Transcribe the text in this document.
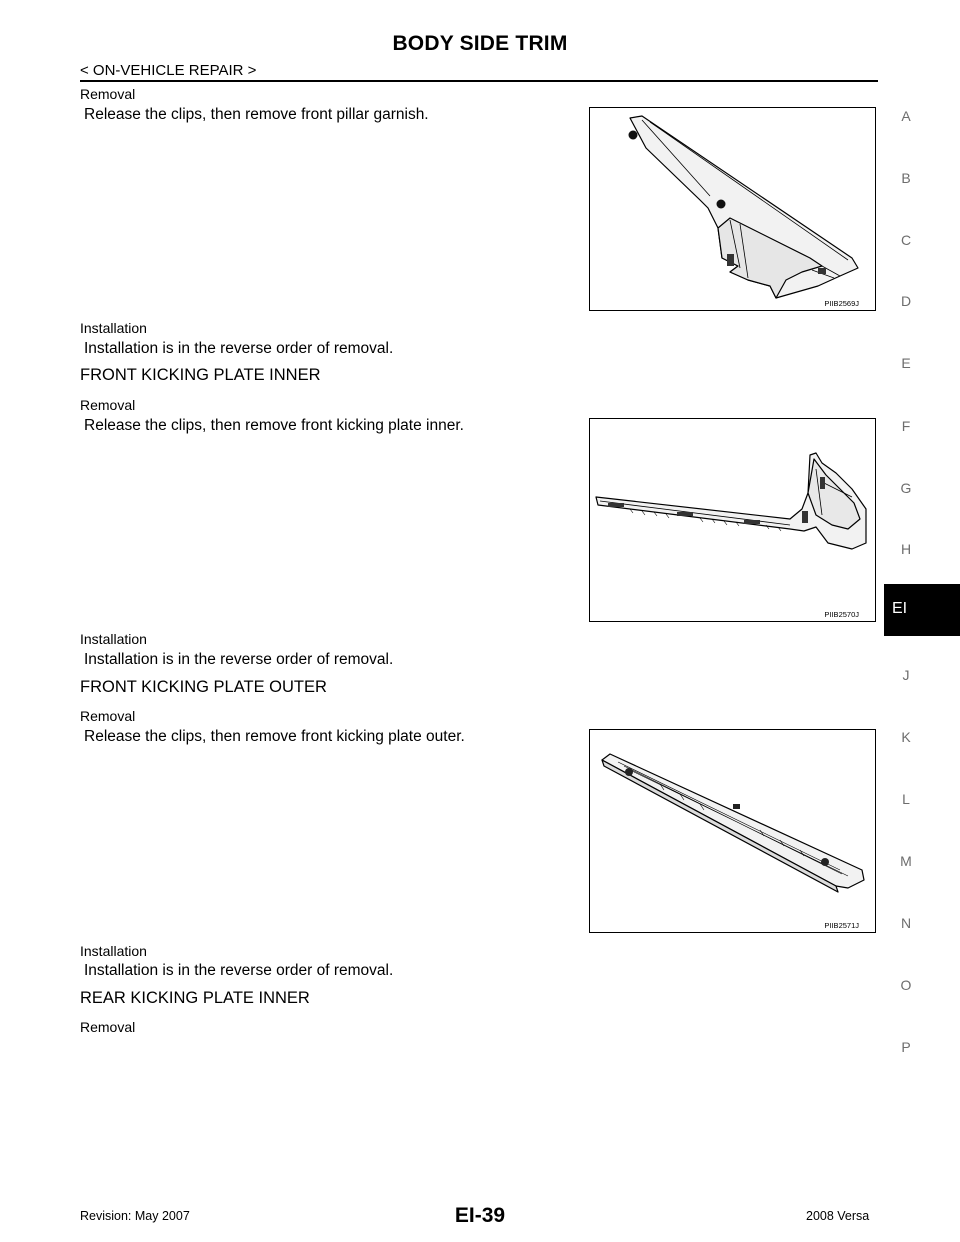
BODY SIDE TRIM
< ON-VEHICLE REPAIR >
Removal
Release the clips, then remove front pillar garnish.
PIIB2569J
Installation
Installation is in the reverse order of removal.
FRONT KICKING PLATE INNER
Removal
Release the clips, then remove front kicking plate inner.
PIIB2570J
Installation
Installation is in the reverse order of removal.
FRONT KICKING PLATE OUTER
Removal
Release the clips, then remove front kicking plate outer.
PIIB2571J
Installation
Installation is in the reverse order of removal.
REAR KICKING PLATE INNER
Removal
A
B
C
D
E
F
G
H
EI
J
K
L
M
N
O
P
Revision: May 2007	EI-39	2008 Versa
